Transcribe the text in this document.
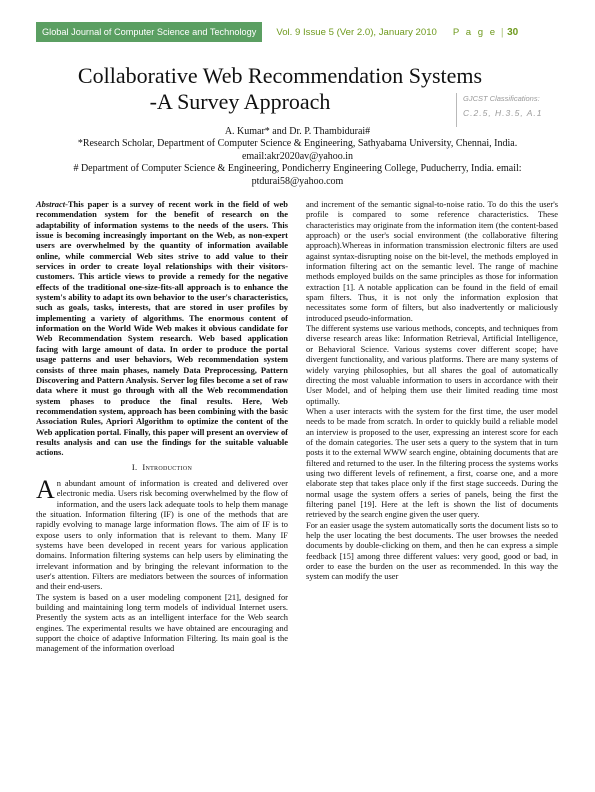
Global Journal of Computer Science and Technology	Vol. 9 Issue 5 (Ver 2.0), January 2010 P a g e | 30
Collaborative Web Recommendation Systems
-A Survey Approach	GJCST Classifications:
C.2.5, H.3.5, A.1
A. Kumar* and Dr. P. Thambidurai#
*Research Scholar, Department of Computer Science & Engineering, Sathyabama University, Chennai, India. email:akr2020av@yahoo.in
# Department of Computer Science & Engineering, Pondicherry Engineering College, Puducherry, India. email: ptdurai58@yahoo.com

Abstract-This paper is a survey of recent work in the field of web recommendation system for the benefit of research on the adaptability of information systems to the needs of the users. This issue is becoming increasingly important on the Web, as non-expert users are overwhelmed by the quantity of information available online, while commercial Web sites strive to add value to their services in order to create loyal relationships with their visitors-customers. This article views to provide a remedy for the negative effects of the traditional one-size-fits-all approach is to enhance the system's ability to adapt its own behavior to the user's characteristics, such as goals, tasks, interests, that are stored in user profiles by implementing a variety of algorithms. The enormous content of information on the World Wide Web makes it obvious candidate for Web Recommendation System research. Web based application facing with large amount of data. In order to produce the portal usage patterns and user behaviors, Web recommendation system consists of three main phases, namely Data Preprocessing, Pattern Discovering and Pattern Analysis. Server log files become a set of raw data where it must go through with all the Web recommendation system phases to produce the final results. Here, Web recommendation system, approach has been combining with the basic Association Rules, Apriori Algorithm to optimize the content of the Web application portal. Finally, this paper will present an overview of results analysis and can use the findings for the suitable valuable actions.

I. Introduction

An abundant amount of information is created and delivered over electronic media. Users risk becoming overwhelmed by the flow of information, and the users lack adequate tools to help them manage the situation. Information filtering (IF) is one of the methods that are rapidly evolving to manage large information flows. The aim of IF is to expose users to only information that is relevant to them. Many IF systems have been developed in recent years for various application domains. Information filtering systems can help users by eliminating the irrelevant information and by bringing the relevant information to the user's attention. Filters are mediators between the sources of information and their end-users.

The system is based on a user modeling component [21], designed for building and maintaining long term models of individual Internet users. Presently the system acts as an intelligent interface for the Web search engines. The experimental results we have obtained are encouraging and support the choice of adaptive Information Filtering. Its main goal is the management of the information overload

and increment of the semantic signal-to-noise ratio. To do this the user's profile is compared to some reference characteristics. These characteristics may originate from the information item (the content-based approach) or the user's social environment (the collaborative filtering approach).Whereas in information transmission electronic filters are used against syntax-disrupting noise on the bit-level, the methods employed in information filtering act on the semantic level. The range of machine methods employed builds on the same principles as those for information extraction [1]. A notable application can be found in the field of email spam filters. Thus, it is not only the information explosion that necessitates some form of filters, but also inadvertently or maliciously introduced pseudo-information.

The different systems use various methods, concepts, and techniques from diverse research areas like: Information Retrieval, Artificial Intelligence, or Behavioral Science. Various systems cover different scope; have divergent functionality, and various platforms. There are many systems of widely varying philosophies, but all shares the goal of automatically directing the most valuable information to users in accordance with their User Model, and of helping them use their limited reading time most optimally.

When a user interacts with the system for the first time, the user model needs to be made from scratch. In order to quickly build a reliable model an interview is proposed to the user, expressing an interest score for each of the domain categories. The user sets a query to the system that in turn posts it to the external WWW search engine, obtaining documents that are filtered and returned to the user. In the filtering process the systems works using two different levels of refinement, a first, coarse one, and a more elaborate step that takes place only if the first stage succeeds. During the normal usage the system offers a series of panels, being the first the filtering panel [19]. Here at the left is shown the list of documents retrieved by the search engine given the user query.

For an easier usage the system automatically sorts the document lists so to help the user locating the best documents. The user browses the needed documents by double-clicking on them, and then he can express a simple feedback [15] among three different values: very good, good or bad, in order to ease the burden on the user as recommended. In this way the system can modify the user
